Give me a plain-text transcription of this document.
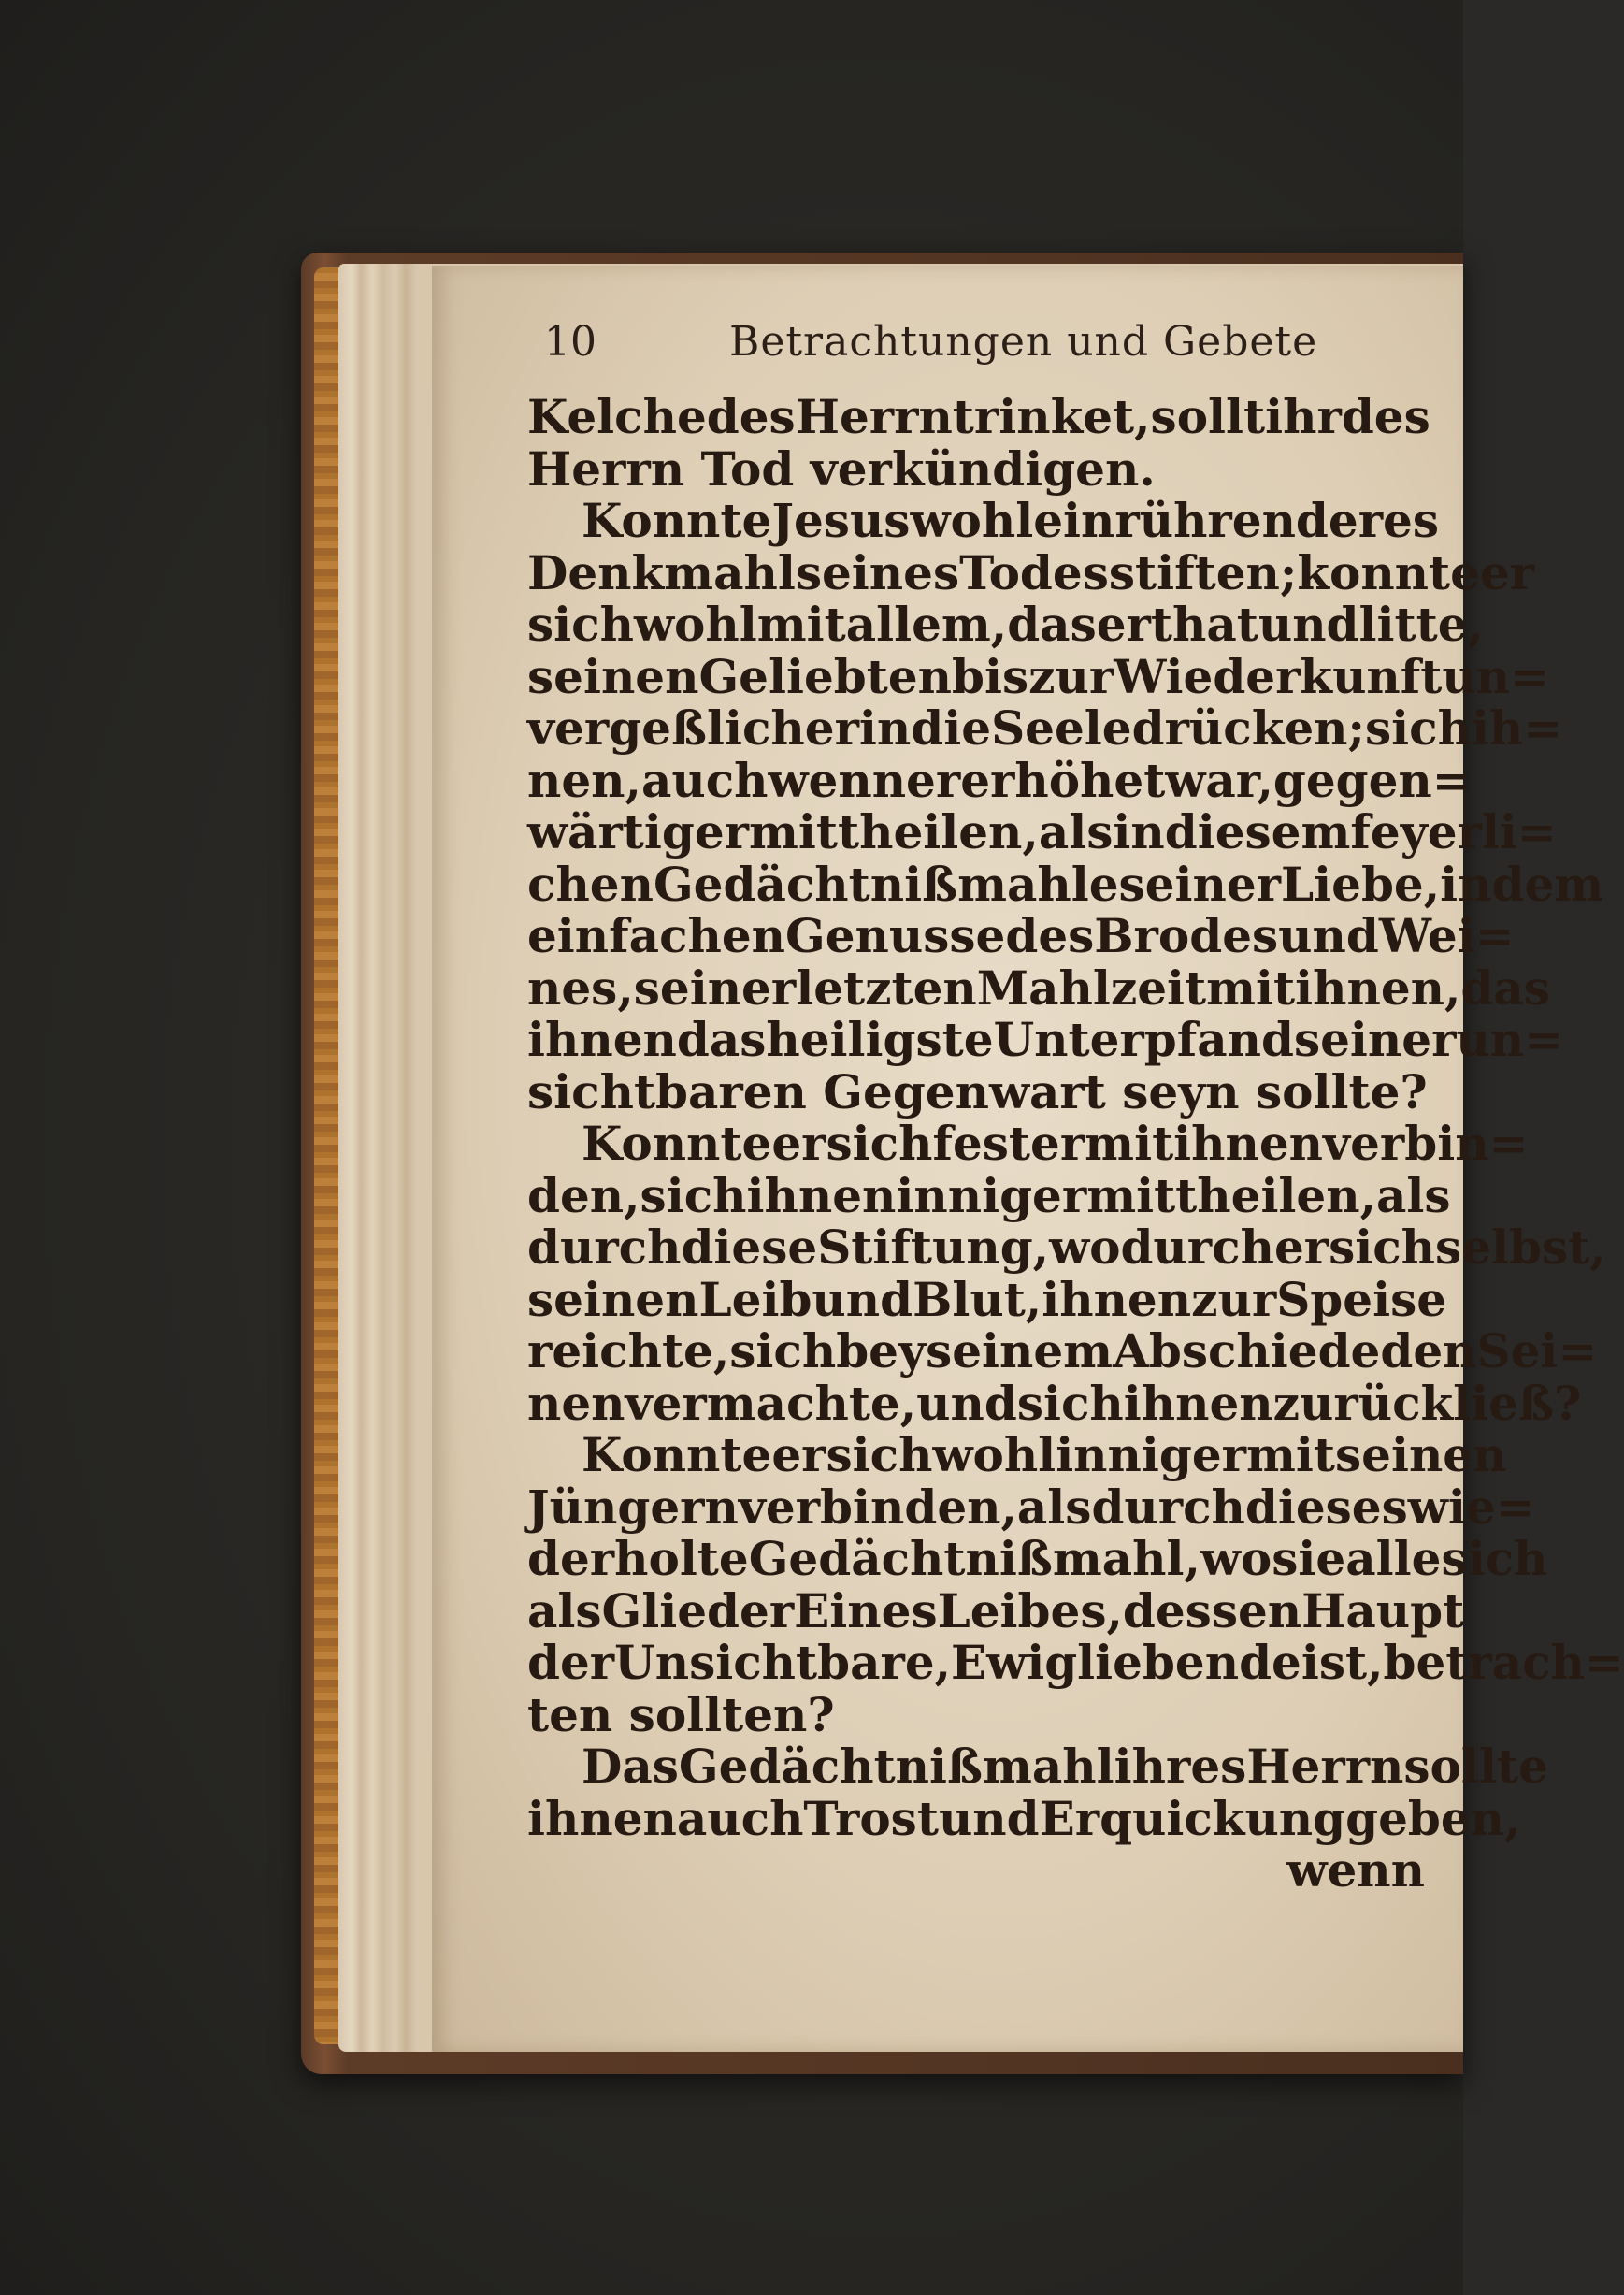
10	Betrachtungen und Gebete
Kelche des Herrn trinket, sollt ihr des
Herrn Tod verkündigen.
Konnte Jesus wohl ein rührenderes
Denkmahl seines Todes stiften; konnte er
sich wohl mit allem, das er that und litte,
seinen Geliebten bis zur Wiederkunft un=
vergeßlicher in die Seele drücken; sich ih=
nen, auch wenn er erhöhet war, gegen=
wärtiger mittheilen, als in diesem feyerli=
chen Gedächtnißmahle seiner Liebe, in dem
einfachen Genusse des Brodes und Wei=
nes, seiner letzten Mahlzeit mit ihnen, das
ihnen das heiligste Unterpfand seiner un=
sichtbaren Gegenwart seyn sollte?
Konnte er sich fester mit ihnen verbin=
den, sich ihnen inniger mittheilen, als
durch diese Stiftung, wodurch er sich selbst,
seinen Leib und Blut, ihnen zur Speise
reichte, sich bey seinem Abschiede den Sei=
nen vermachte, und sich ihnen zurückließ?
Konnte er sich wohl inniger mit seinen
Jüngern verbinden, als durch dieses wie=
derholte Gedächtnißmahl, wo sie alle sich
als Glieder Eines Leibes, dessen Haupt
der Unsichtbare, Ewigliebende ist, betrach=
ten sollten?
Das Gedächtnißmahl ihres Herrn sollte
ihnen auch Trost und Erquickung geben,
wenn
